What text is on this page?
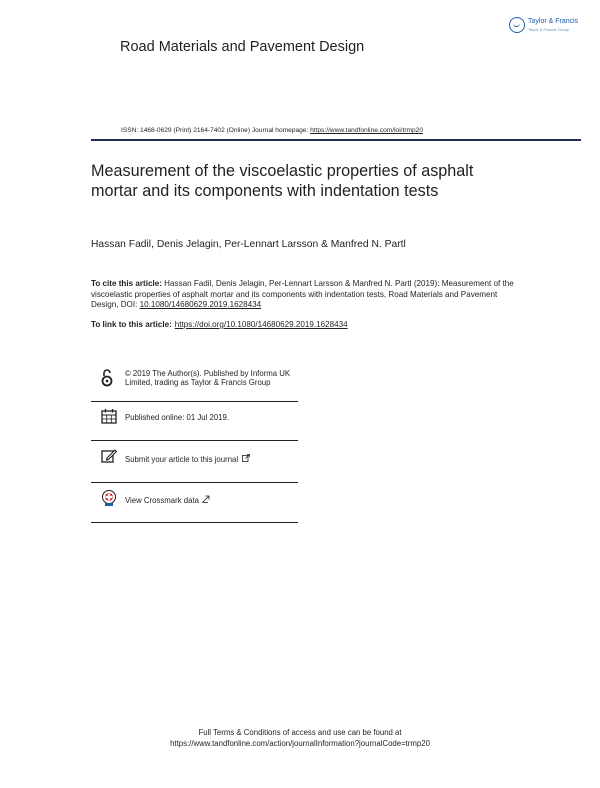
Taylor & Francis
Taylor & Francis Group
Road Materials and Pavement Design
ISSN: 1468-0629 (Print) 2164-7402 (Online) Journal homepage: https://www.tandfonline.com/loi/trmp20
Measurement of the viscoelastic properties of asphalt mortar and its components with indentation tests
Hassan Fadil, Denis Jelagin, Per-Lennart Larsson & Manfred N. Partl
To cite this article: Hassan Fadil, Denis Jelagin, Per-Lennart Larsson & Manfred N. Partl (2019): Measurement of the viscoelastic properties of asphalt mortar and its components with indentation tests, Road Materials and Pavement Design, DOI: 10.1080/14680629.2019.1628434
To link to this article: https://doi.org/10.1080/14680629.2019.1628434
© 2019 The Author(s). Published by Informa UK Limited, trading as Taylor & Francis Group
Published online: 01 Jul 2019.
Submit your article to this journal
View Crossmark data
Full Terms & Conditions of access and use can be found at
https://www.tandfonline.com/action/journalInformation?journalCode=trmp20
